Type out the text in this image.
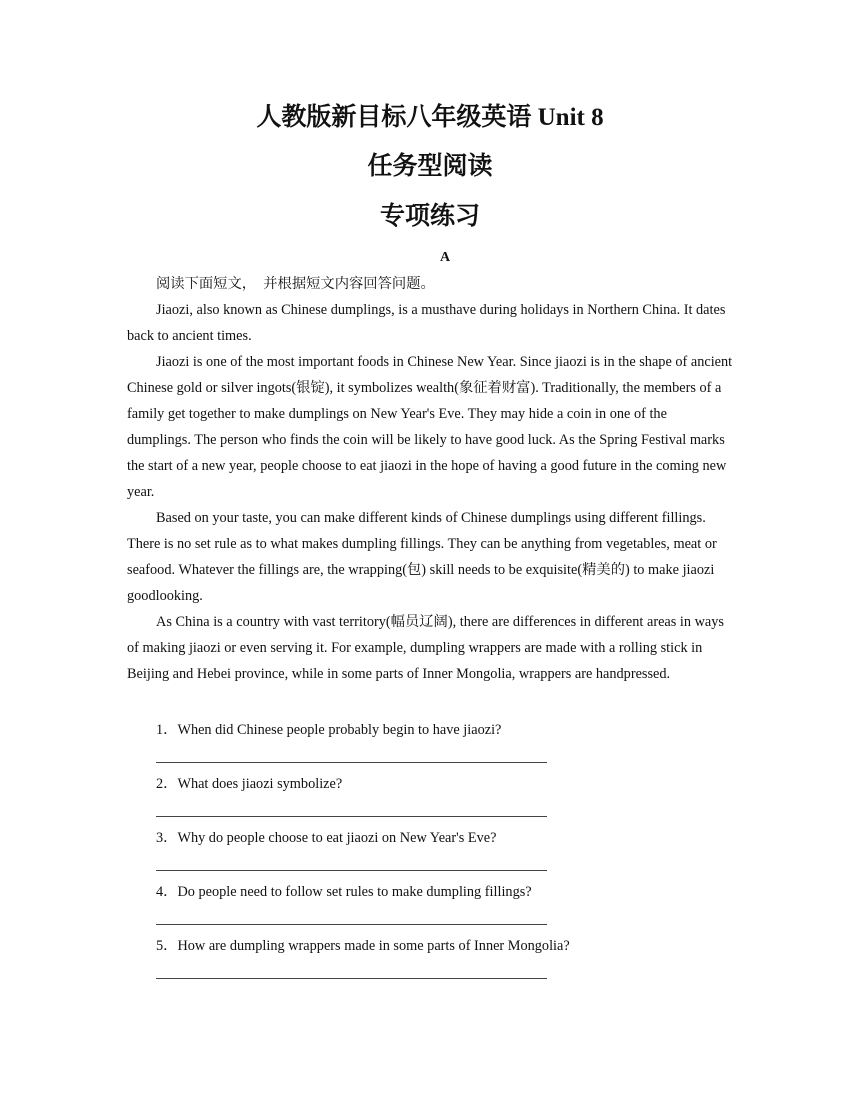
人教版新目标八年级英语 Unit 8
任务型阅读
专项练习
A

阅读下面短文，　并根据短文内容回答问题。

Jiaozi, also known as Chinese dumplings, is a musthave during holidays in Northern China. It dates back to ancient times.

Jiaozi is one of the most important foods in Chinese New Year. Since jiaozi is in the shape of ancient Chinese gold or silver ingots(银锭), it symbolizes wealth(象征着财富). Traditionally, the members of a family get together to make dumplings on New Year's Eve. They may hide a coin in one of the dumplings. The person who finds the coin will be likely to have good luck. As the Spring Festival marks the start of a new year, people choose to eat jiaozi in the hope of having a good future in the coming new year.

Based on your taste, you can make different kinds of Chinese dumplings using different fillings. There is no set rule as to what makes dumpling fillings. They can be anything from vegetables, meat or seafood. Whatever the fillings are, the wrapping(包) skill needs to be exquisite(精美的) to make jiaozi goodlooking.

As China is a country with vast territory(幅员辽阔), there are differences in different areas in ways of making jiaozi or even serving it. For example, dumpling wrappers are made with a rolling stick in Beijing and Hebei province, while in some parts of Inner Mongolia, wrappers are handpressed.

1．When did Chinese people probably begin to have jiaozi?
2．What does jiaozi symbolize?
3．Why do people choose to eat jiaozi on New Year's Eve?
4．Do people need to follow set rules to make dumpling fillings?
5．How are dumpling wrappers made in some parts of Inner Mongolia?
